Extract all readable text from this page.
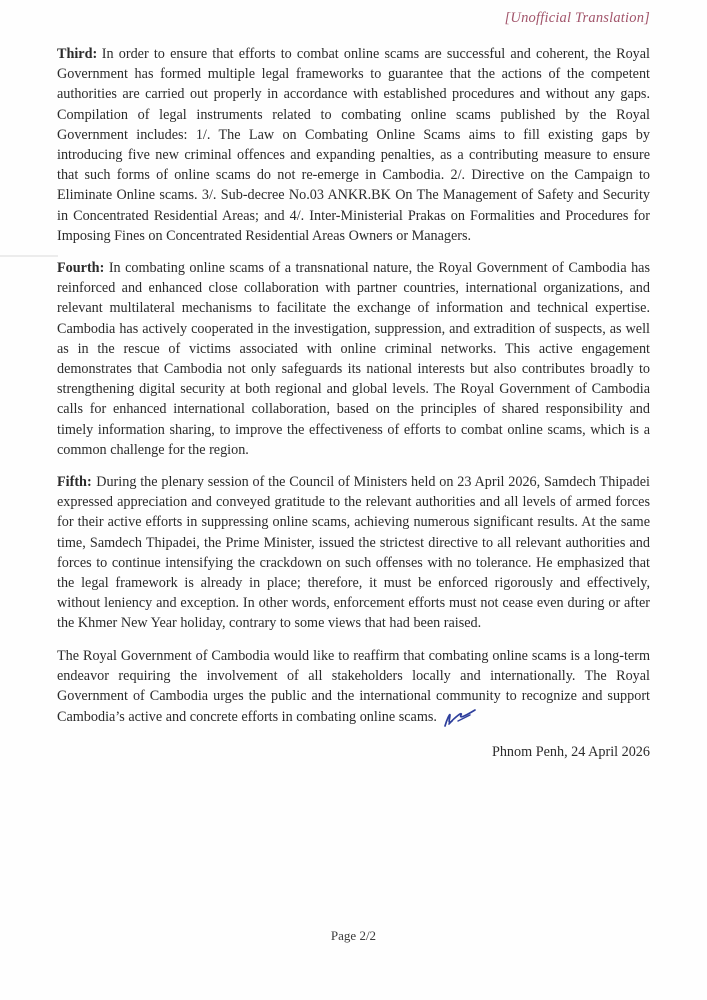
[Unofficial Translation]

Third: In order to ensure that efforts to combat online scams are successful and coherent, the Royal Government has formed multiple legal frameworks to guarantee that the actions of the competent authorities are carried out properly in accordance with established procedures and without any gaps. Compilation of legal instruments related to combating online scams published by the Royal Government includes: 1/. The Law on Combating Online Scams aims to fill existing gaps by introducing five new criminal offences and expanding penalties, as a contributing measure to ensure that such forms of online scams do not re-emerge in Cambodia. 2/. Directive on the Campaign to Eliminate Online scams. 3/. Sub-decree No.03 ANKR.BK On The Management of Safety and Security in Concentrated Residential Areas; and 4/. Inter-Ministerial Prakas on Formalities and Procedures for Imposing Fines on Concentrated Residential Areas Owners or Managers.

Fourth: In combating online scams of a transnational nature, the Royal Government of Cambodia has reinforced and enhanced close collaboration with partner countries, international organizations, and relevant multilateral mechanisms to facilitate the exchange of information and technical expertise. Cambodia has actively cooperated in the investigation, suppression, and extradition of suspects, as well as in the rescue of victims associated with online criminal networks. This active engagement demonstrates that Cambodia not only safeguards its national interests but also contributes broadly to strengthening digital security at both regional and global levels. The Royal Government of Cambodia calls for enhanced international collaboration, based on the principles of shared responsibility and timely information sharing, to improve the effectiveness of efforts to combat online scams, which is a common challenge for the region.

Fifth: During the plenary session of the Council of Ministers held on 23 April 2026, Samdech Thipadei expressed appreciation and conveyed gratitude to the relevant authorities and all levels of armed forces for their active efforts in suppressing online scams, achieving numerous significant results. At the same time, Samdech Thipadei, the Prime Minister, issued the strictest directive to all relevant authorities and forces to continue intensifying the crackdown on such offenses with no tolerance. He emphasized that the legal framework is already in place; therefore, it must be enforced rigorously and effectively, without leniency and exception. In other words, enforcement efforts must not cease even during or after the Khmer New Year holiday, contrary to some views that had been raised.

The Royal Government of Cambodia would like to reaffirm that combating online scams is a long-term endeavor requiring the involvement of all stakeholders locally and internationally. The Royal Government of Cambodia urges the public and the international community to recognize and support Cambodia’s active and concrete efforts in combating online scams.

Phnom Penh, 24 April 2026
Page 2/2
